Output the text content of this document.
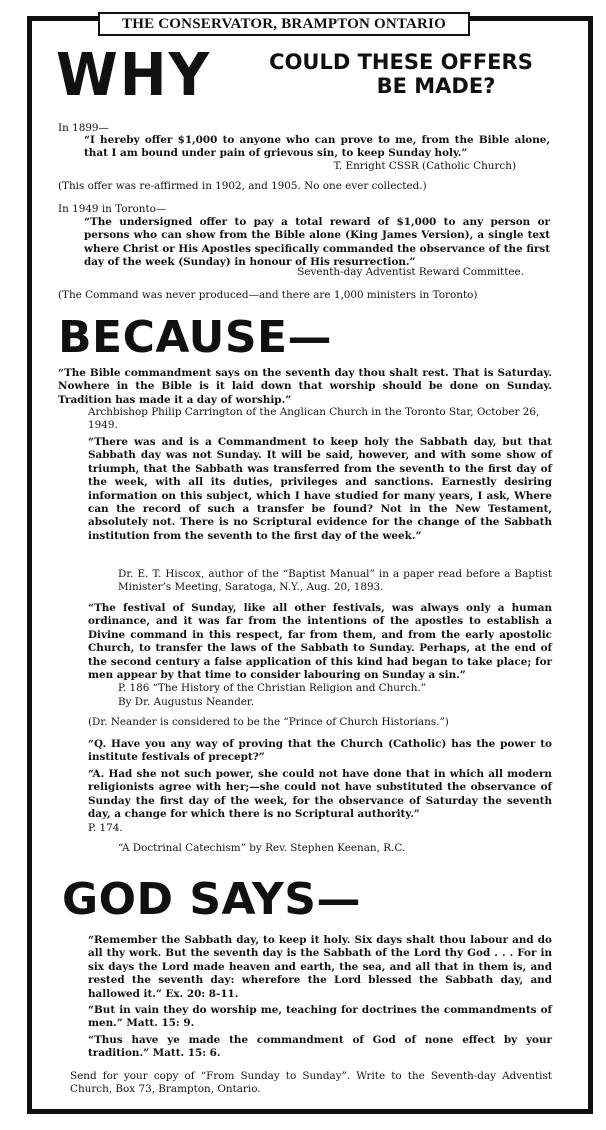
THE CONSERVATOR, BRAMPTON ONTARIO
WHY	COULD THESE OFFERS
BE MADE?
In 1899—
“I hereby offer $1,000 to anyone who can prove to me, from the Bible alone, that I am bound under pain of grievous sin, to keep Sunday holy.”
T. Enright CSSR (Catholic Church)
(This offer was re-affirmed in 1902, and 1905. No one ever collected.)
In 1949 in Toronto—
“The undersigned offer to pay a total reward of $1,000 to any person or persons who can show from the Bible alone (King James Version), a single text where Christ or His Apostles specifically commanded the observance of the first day of the week (Sunday) in honour of His resurrection.”
Seventh-day Adventist Reward Committee.
(The Command was never produced—and there are 1,000 ministers in Toronto)
BECAUSE—
“The Bible commandment says on the seventh day thou shalt rest. That is Saturday. Nowhere in the Bible is it laid down that worship should be done on Sunday. Tradition has made it a day of worship.”
Archbishop Philip Carrington of the Anglican Church in the Toronto Star, October 26, 1949.
“There was and is a Commandment to keep holy the Sabbath day, but that Sabbath day was not Sunday. It will be said, however, and with some show of triumph, that the Sabbath was transferred from the seventh to the first day of the week, with all its duties, privileges and sanctions. Earnestly desiring information on this subject, which I have studied for many years, I ask, Where can the record of such a transfer be found? Not in the New Testament, absolutely not. There is no Scriptural evidence for the change of the Sabbath institution from the seventh to the first day of the week.”
Dr. E. T. Hiscox, author of the “Baptist Manual” in a paper read before a Baptist Minister’s Meeting, Saratoga, N.Y., Aug. 20, 1893.
“The festival of Sunday, like all other festivals, was always only a human ordinance, and it was far from the intentions of the apostles to establish a Divine command in this respect, far from them, and from the early apostolic Church, to transfer the laws of the Sabbath to Sunday. Perhaps, at the end of the second century a false application of this kind had began to take place; for men appear by that time to consider labouring on Sunday a sin.”
P. 186 “The History of the Christian Religion and Church.”
By Dr. Augustus Neander.
(Dr. Neander is considered to be the “Prince of Church Historians.”)
“Q. Have you any way of proving that the Church (Catholic) has the power to institute festivals of precept?”
“A. Had she not such power, she could not have done that in which all modern religionists agree with her;—she could not have substituted the observance of Sunday the first day of the week, for the observance of Saturday the seventh day, a change for which there is no Scriptural authority.”
P. 174.
“A Doctrinal Catechism” by Rev. Stephen Keenan, R.C.
GOD SAYS—
“Remember the Sabbath day, to keep it holy. Six days shalt thou labour and do all thy work. But the seventh day is the Sabbath of the Lord thy God . . . For in six days the Lord made heaven and earth, the sea, and all that in them is, and rested the seventh day: wherefore the Lord blessed the Sabbath day, and hallowed it.” Ex. 20: 8-11.
“But in vain they do worship me, teaching for doctrines the commandments of men.” Matt. 15: 9.
“Thus have ye made the commandment of God of none effect by your tradition.” Matt. 15: 6.
Send for your copy of “From Sunday to Sunday”. Write to the Seventh-day Adventist Church, Box 73, Brampton, Ontario.
